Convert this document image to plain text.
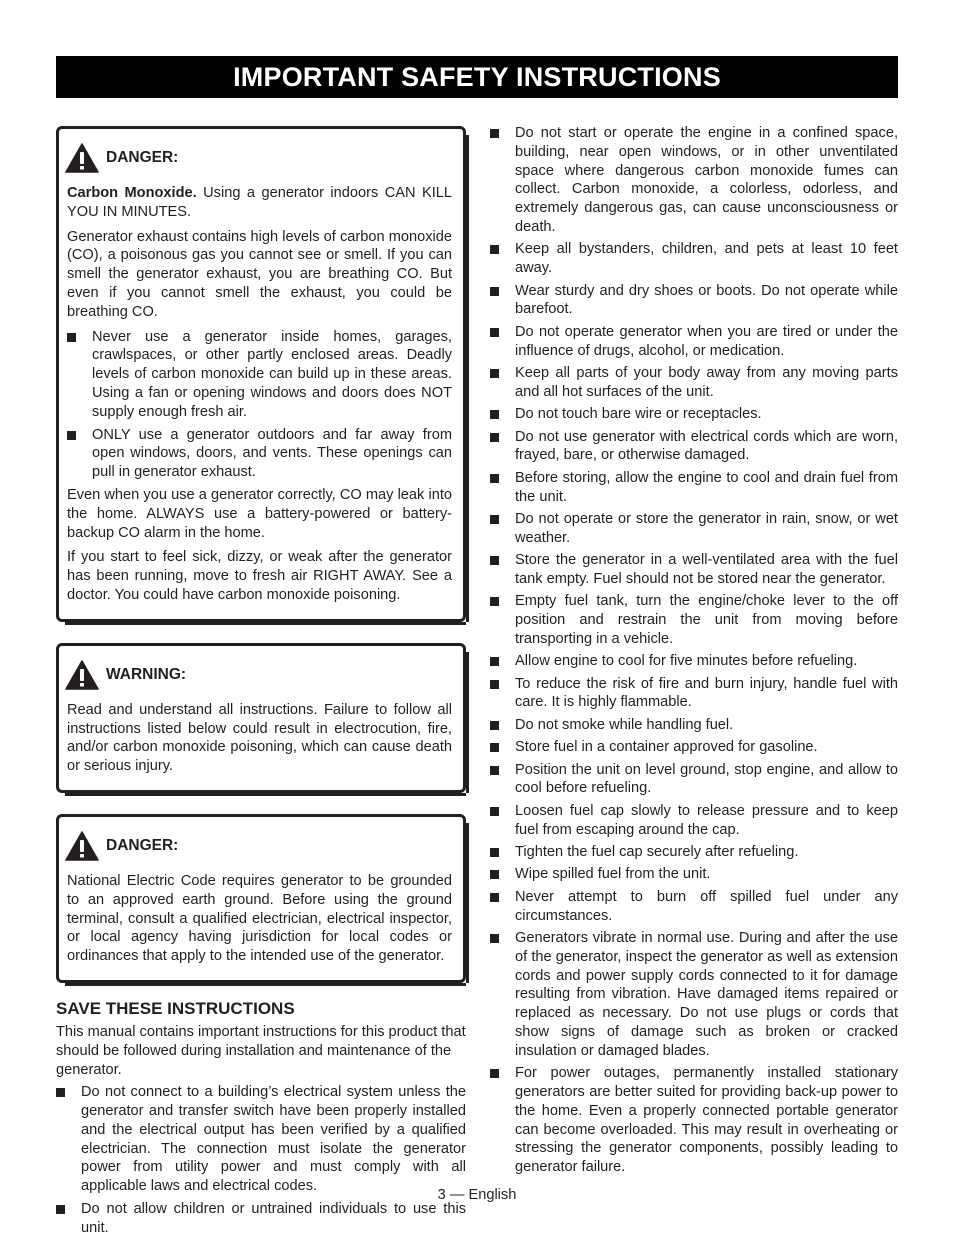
IMPORTANT SAFETY INSTRUCTIONS
DANGER:

Carbon Monoxide. Using a generator indoors CAN KILL YOU IN MINUTES.

Generator exhaust contains high levels of carbon monoxide (CO), a poisonous gas you cannot see or smell. If you can smell the generator exhaust, you are breathing CO. But even if you cannot smell the exhaust, you could be breathing CO.

Never use a generator inside homes, garages, crawlspaces, or other partly enclosed areas. Deadly levels of carbon monoxide can build up in these areas. Using a fan or opening windows and doors does NOT supply enough fresh air.
ONLY use a generator outdoors and far away from open windows, doors, and vents. These openings can pull in generator exhaust.

Even when you use a generator correctly, CO may leak into the home. ALWAYS use a battery-powered or battery-backup CO alarm in the home.

If you start to feel sick, dizzy, or weak after the generator has been running, move to fresh air RIGHT AWAY. See a doctor. You could have carbon monoxide poisoning.

WARNING:

Read and understand all instructions. Failure to follow all instructions listed below could result in electrocution, fire, and/or carbon monoxide poisoning, which can cause death or serious injury.

DANGER:

National Electric Code requires generator to be grounded to an approved earth ground. Before using the ground terminal, consult a qualified electrician, electrical inspector, or local agency having jurisdiction for local codes or ordinances that apply to the intended use of the generator.

SAVE THESE INSTRUCTIONS

This manual contains important instructions for this product that should be followed during installation and maintenance of the generator.

Do not connect to a building’s electrical system unless the generator and transfer switch have been properly installed and the electrical output has been verified by a qualified electrician. The connection must isolate the generator power from utility power and must comply with all applicable laws and electrical codes.
Do not allow children or untrained individuals to use this unit.
Do not start or operate the engine in a confined space, building, near open windows, or in other unventilated space where dangerous carbon monoxide fumes can collect. Carbon monoxide, a colorless, odorless, and extremely dangerous gas, can cause unconsciousness or death.
Keep all bystanders, children, and pets at least 10 feet away.
Wear sturdy and dry shoes or boots. Do not operate while barefoot.
Do not operate generator when you are tired or under the influence of drugs, alcohol, or medication.
Keep all parts of your body away from any moving parts and all hot surfaces of the unit.
Do not touch bare wire or receptacles.
Do not use generator with electrical cords which are worn, frayed, bare, or otherwise damaged.
Before storing, allow the engine to cool and drain fuel from the unit.
Do not operate or store the generator in rain, snow, or wet weather.
Store the generator in a well-ventilated area with the fuel tank empty. Fuel should not be stored near the generator.
Empty fuel tank, turn the engine/choke lever to the off position and restrain the unit from moving before transporting in a vehicle.
Allow engine to cool for five minutes before refueling.
To reduce the risk of fire and burn injury, handle fuel with care. It is highly flammable.
Do not smoke while handling fuel.
Store fuel in a container approved for gasoline.
Position the unit on level ground, stop engine, and allow to cool before refueling.
Loosen fuel cap slowly to release pressure and to keep fuel from escaping around the cap.
Tighten the fuel cap securely after refueling.
Wipe spilled fuel from the unit.
Never attempt to burn off spilled fuel under any circumstances.
Generators vibrate in normal use. During and after the use of the generator, inspect the generator as well as extension cords and power supply cords connected to it for damage resulting from vibration. Have damaged items repaired or replaced as necessary. Do not use plugs or cords that show signs of damage such as broken or cracked insulation or damaged blades.
For power outages, permanently installed stationary generators are better suited for providing back-up power to the home. Even a properly connected portable generator can become overloaded. This may result in overheating or stressing the generator components, possibly leading to generator failure.
3 — English
